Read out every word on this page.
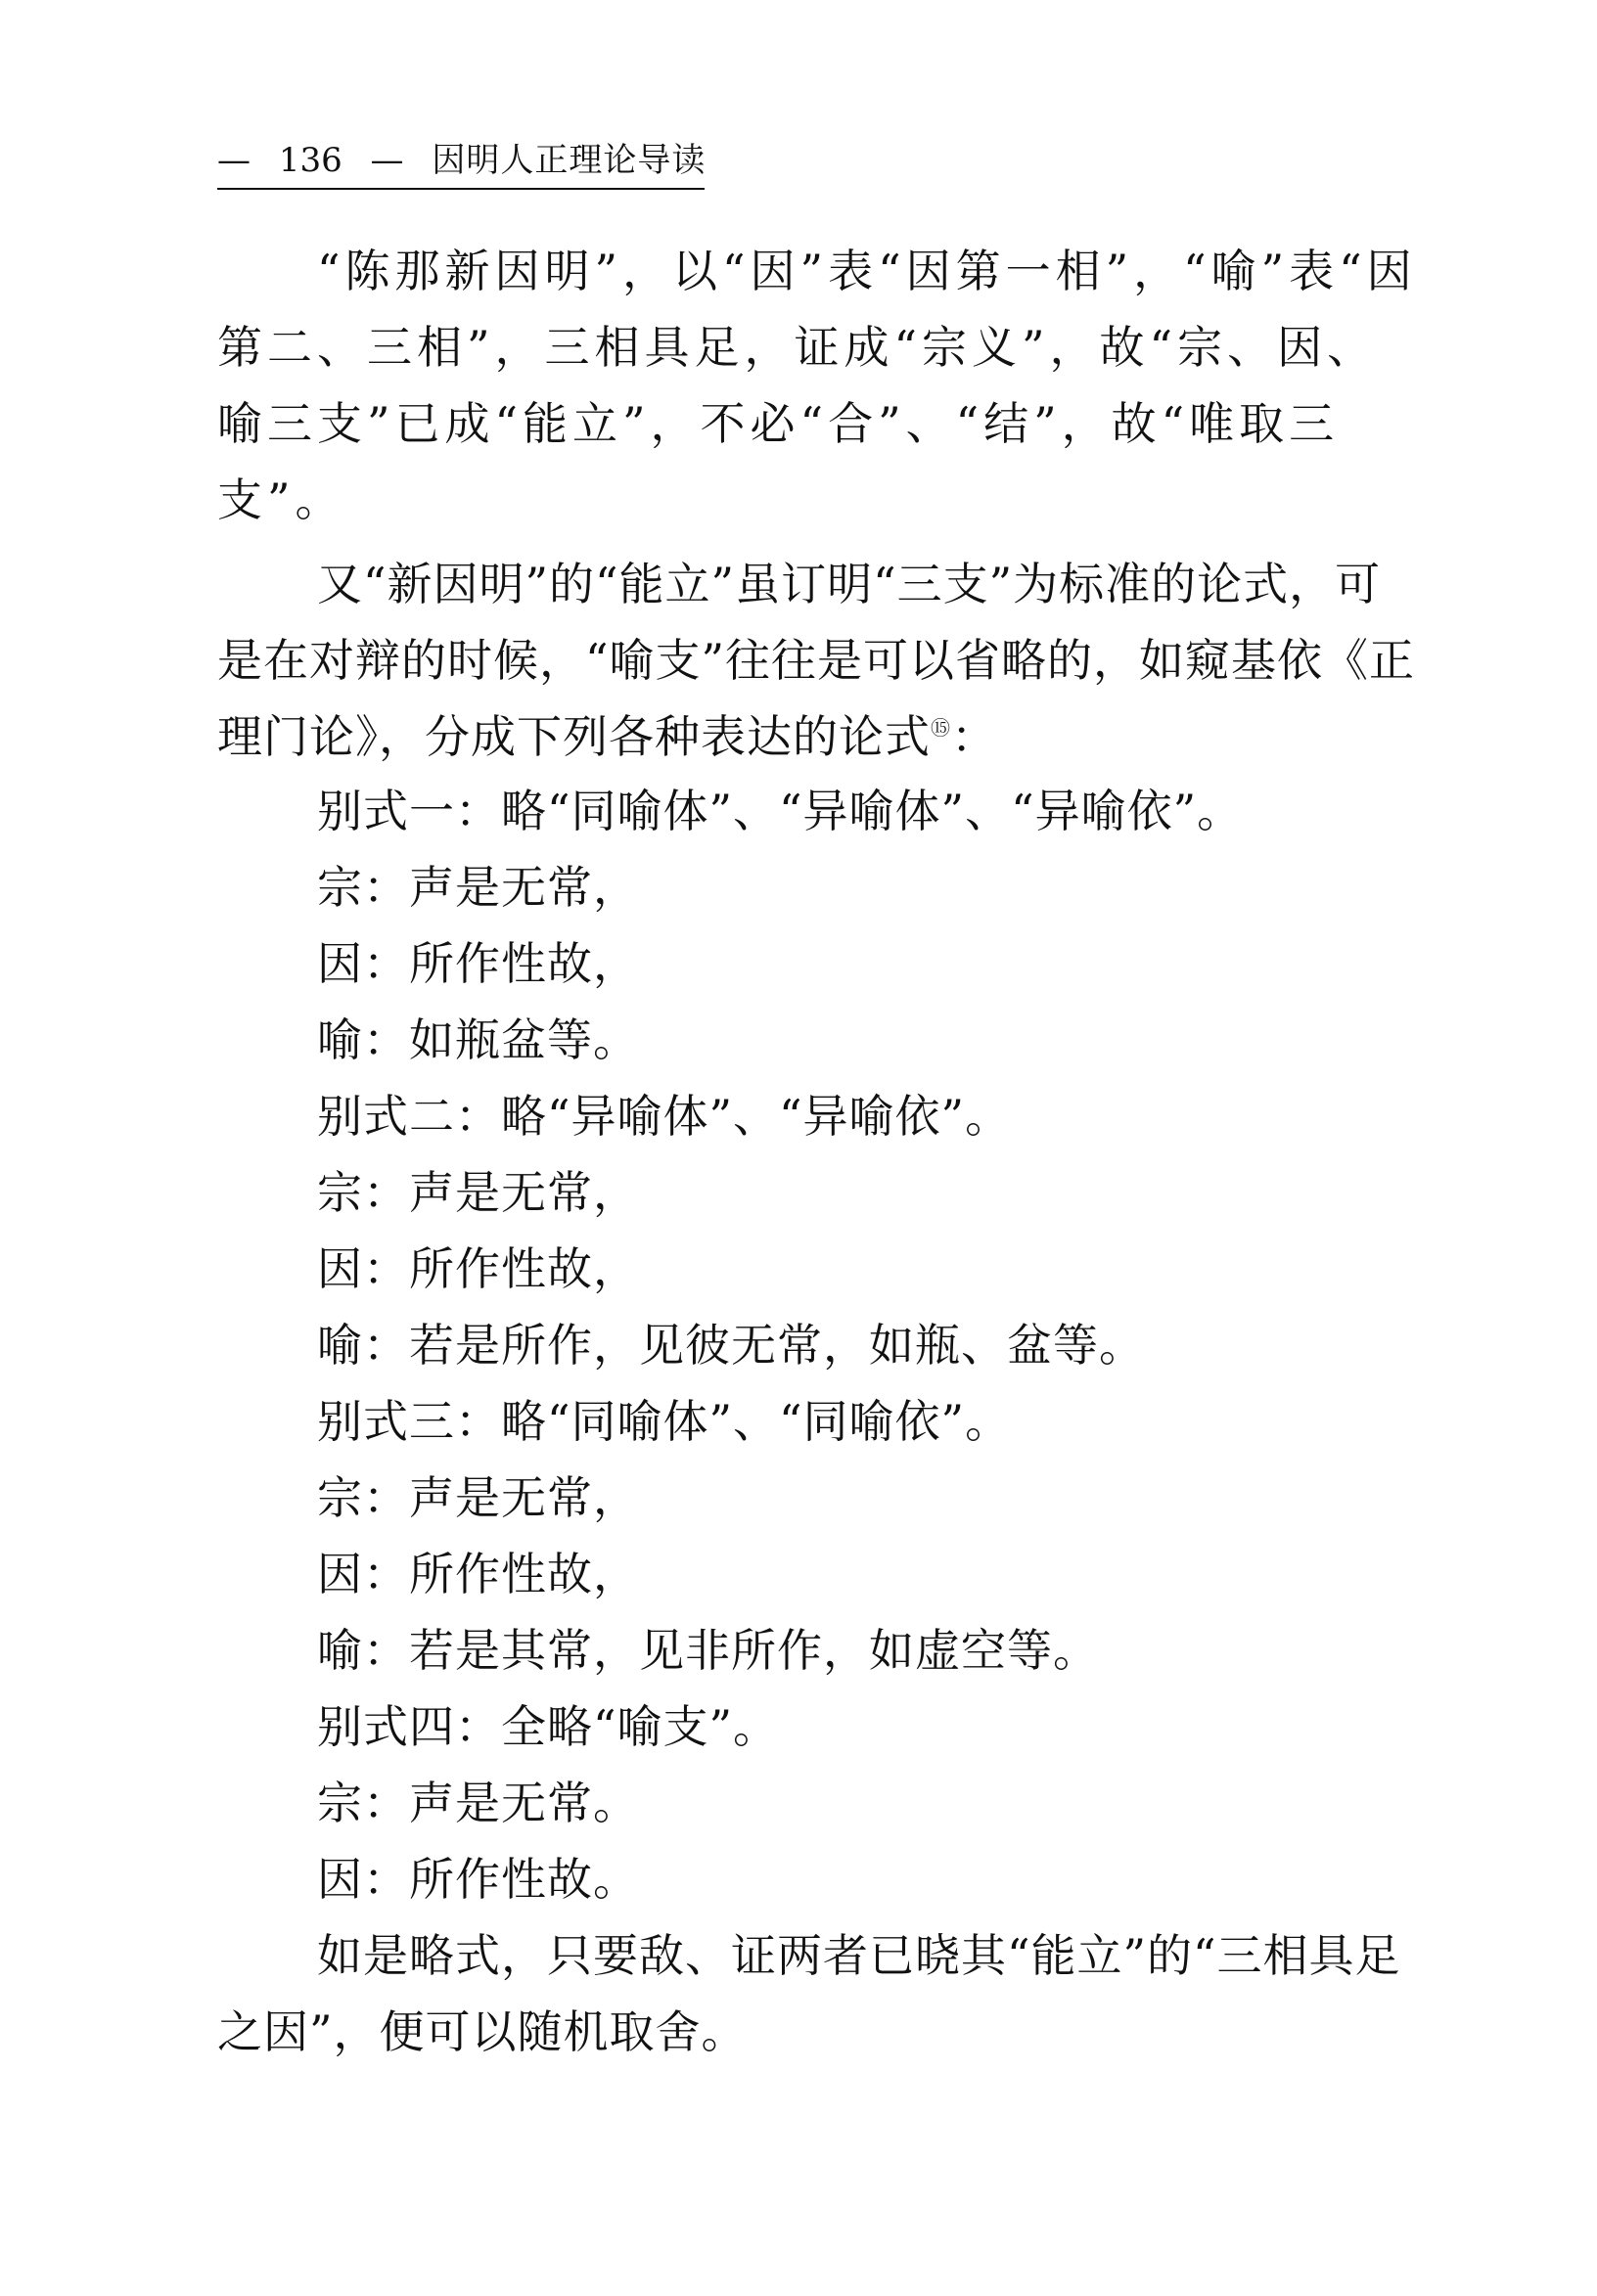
— 136 — 因明人正理论导读

“陈那新因明”，以“因”表“因第一相”，“喻”表“因第二、三相”，三相具足，证成“宗义”，故“宗、因、喻三支”已成“能立”，不必“合”、“结”，故“唯取三支”。

又“新因明”的“能立”虽订明“三支”为标准的论式，可是在对辩的时候，“喻支”往往是可以省略的，如窥基依《正理门论》，分成下列各种表达的论式⑮：

别式一：略“同喻体”、“异喻体”、“异喻依”。
宗：声是无常，
因：所作性故，
喻：如瓶盆等。
别式二：略“异喻体”、“异喻依”。
宗：声是无常，
因：所作性故，
喻：若是所作，见彼无常，如瓶、盆等。
别式三：略“同喻体”、“同喻依”。
宗：声是无常，
因：所作性故，
喻：若是其常，见非所作，如虚空等。
别式四：全略“喻支”。
宗：声是无常。
因：所作性故。

如是略式，只要敌、证两者已晓其“能立”的“三相具足之因”，便可以随机取舍。
